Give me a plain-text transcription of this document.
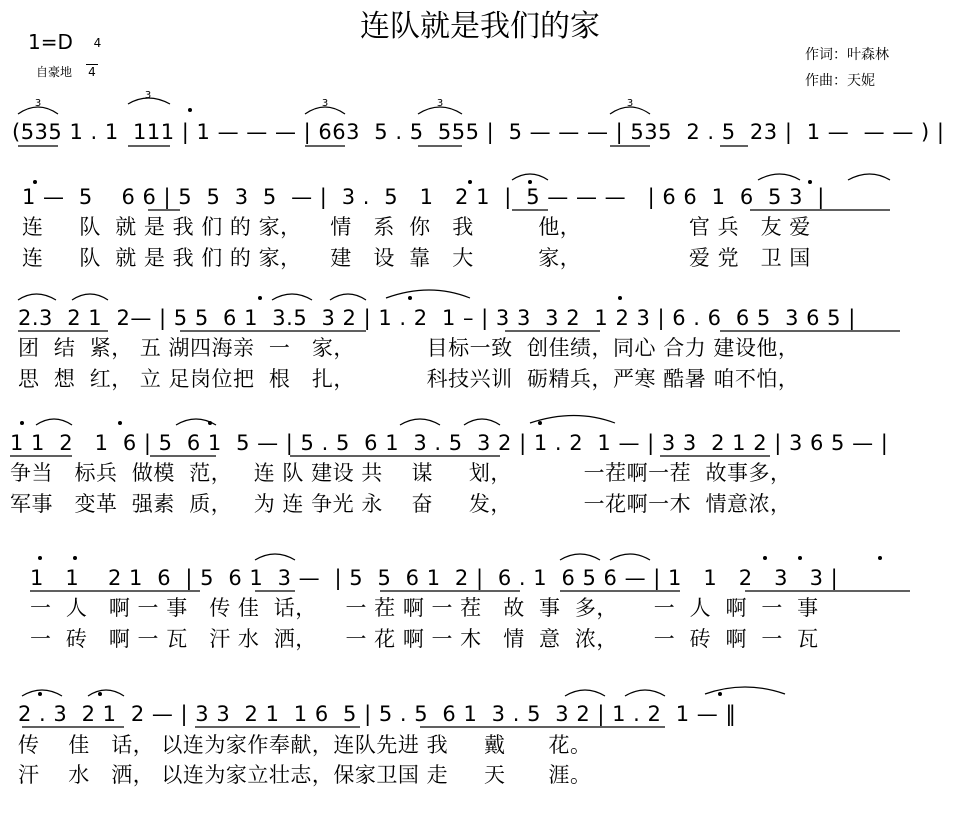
连队就是我们的家
$1=D \frac{4}{4}$

自豪地
作词：叶森林
作曲：天妮
(535 1 . 1  111 | 1 — — — | 663  5 . 5  555 |  5 — — — | 535  2 . 5  23 |  1 —  — — ) |
1 —  5    6 6 | 5  5  3  5  — |  3 .  5   1   2 1  |  5 — — —   | 6 6  1  6  5 3  |
连     队  就 是 我 们 的 家，    情   系  你   我         他，               官 兵   友 爱
连     队  就 是 我 们 的 家，    建   设  靠   大         家，               爱 党   卫 国
2.3  2 1  2— | 5 5  6 1  3.5  3 2 | 1 . 2  1 – | 3 3  3 2  1 2 3 | 6 . 6  6 5  3 6 5 |
团  结  紧， 五 湖四海亲  一   家，          目标一致  创佳绩，同心 合力 建设他，
思  想  红， 立 足岗位把  根   扎，          科技兴训  砺精兵，严寒 酷暑 咱不怕，
1 1  2   1  6 | 5  6 1  5 — | 5 . 5  6 1  3 . 5  3 2 | 1 . 2  1 — | 3 3  2 1 2 | 3 6 5 — |
争当   标兵  做模  范，   连 队 建设 共    谋     划，          一茬啊一茬  故事多，
军事   变革  强素  质，   为 连 争光 永    奋     发，          一花啊一木  情意浓，
1   1    2 1  6  | 5  6 1  3 —  | 5  5  6 1  2 |  6 . 1  6 5 6 — | 1   1   2   3   3 |
一  人   啊 一 事   传 佳  话，    一 茬 啊 一 茬   故  事  多，     一  人  啊  一  事
一  砖   啊 一 瓦   汗 水  洒，    一 花 啊 一 木   情  意  浓，     一  砖  啊  一  瓦
2 . 3  2 1  2 — | 3 3  2 1  1 6  5 | 5 . 5  6 1  3 . 5  3 2 | 1 . 2  1 — ‖
传    佳   话， 以连为家作奉献，连队先进 我     戴      花。
汗    水   洒， 以连为家立壮志，保家卫国 走     天      涯。
3
3
3	3	3
